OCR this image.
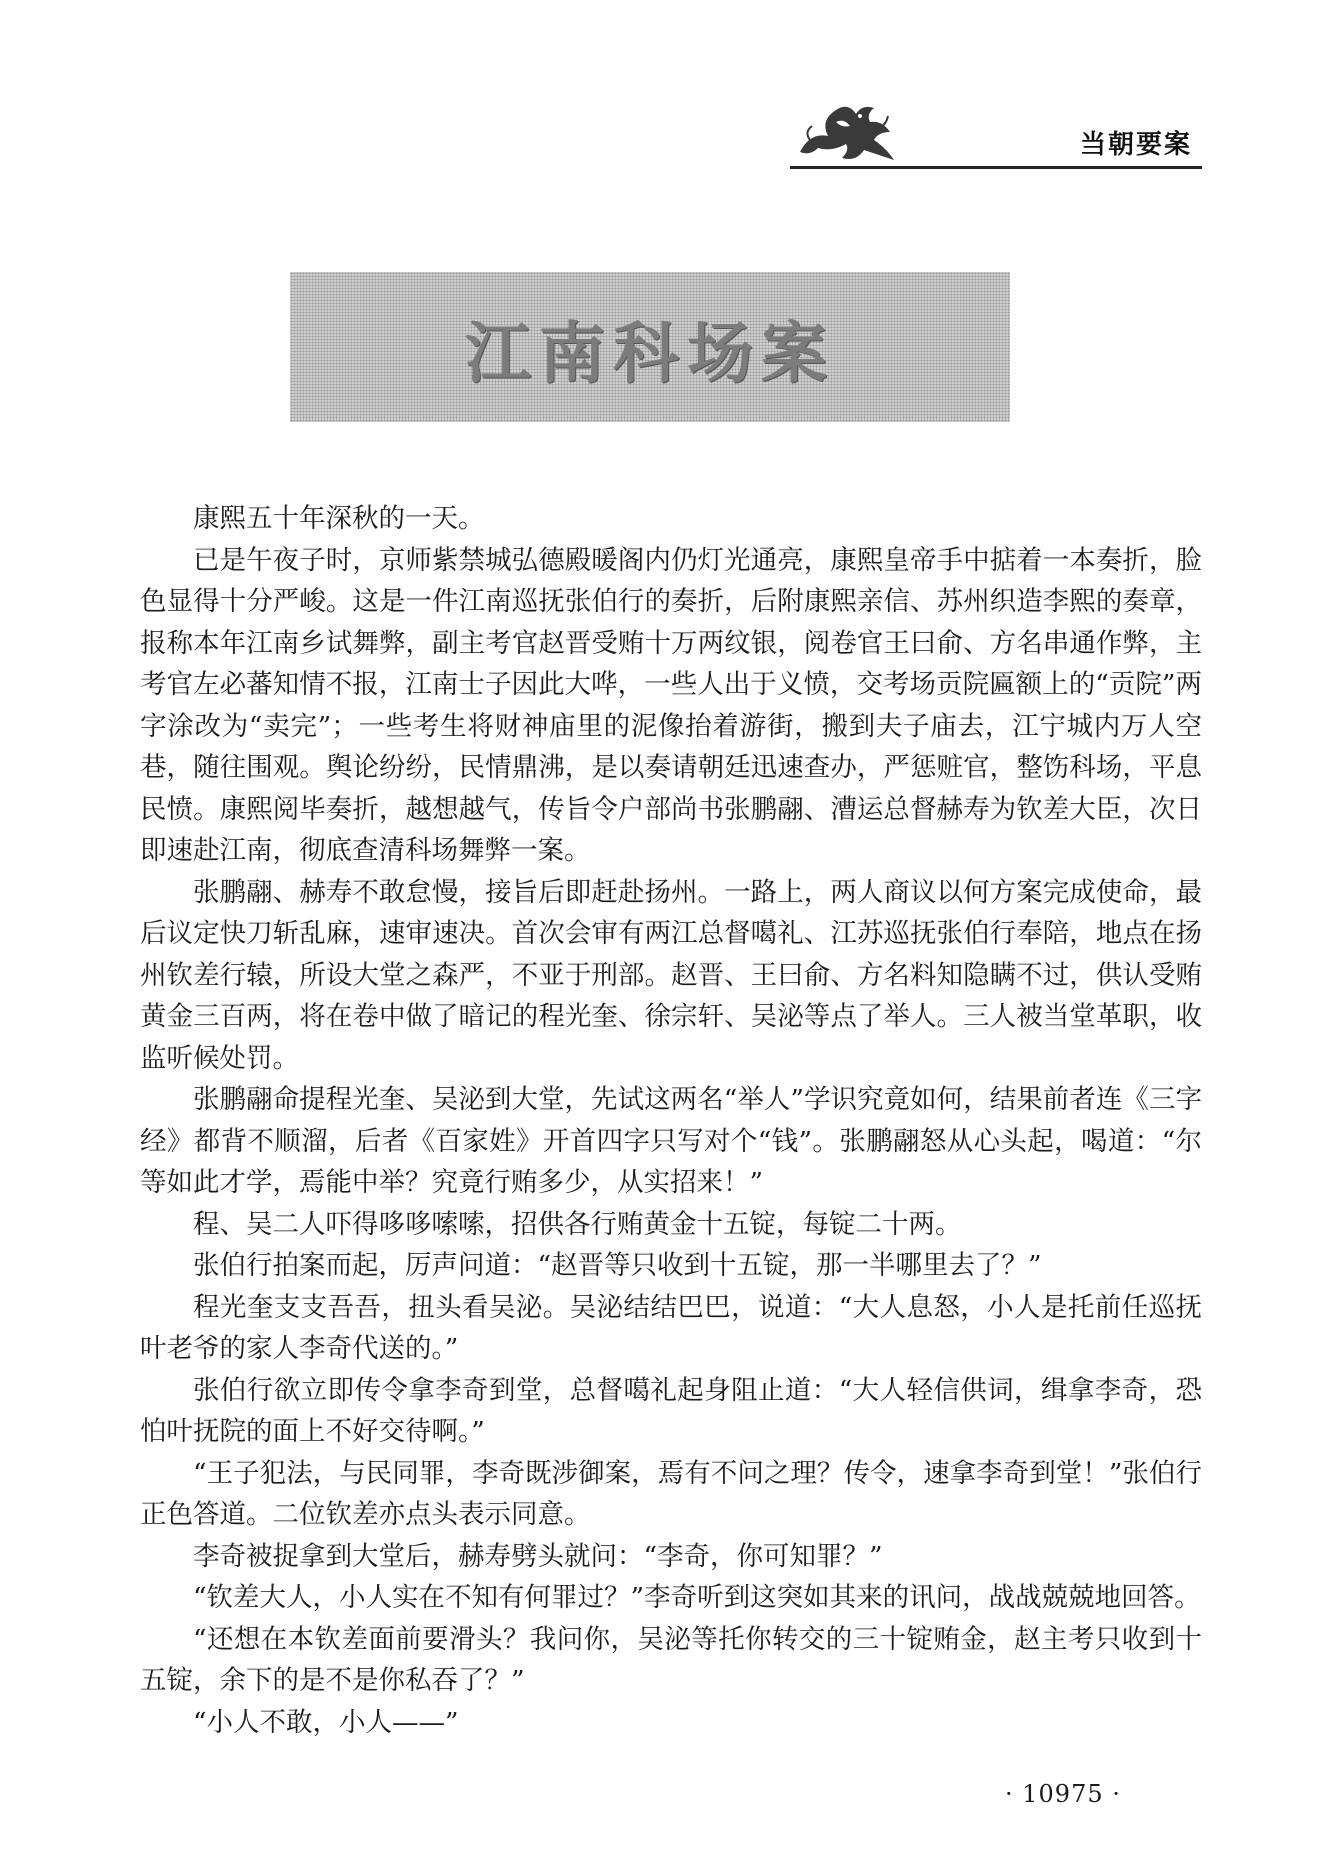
当朝要案
江南科场案

康熙五十年深秋的一天。

已是午夜子时，京师紫禁城弘德殿暖阁内仍灯光通亮，康熙皇帝手中掂着一本奏折，脸色显得十分严峻。这是一件江南巡抚张伯行的奏折，后附康熙亲信、苏州织造李熙的奏章，报称本年江南乡试舞弊，副主考官赵晋受贿十万两纹银，阅卷官王曰俞、方名串通作弊，主考官左必蕃知情不报，江南士子因此大哗，一些人出于义愤，交考场贡院匾额上的“贡院”两字涂改为“卖完”；一些考生将财神庙里的泥像抬着游街，搬到夫子庙去，江宁城内万人空巷，随往围观。舆论纷纷，民情鼎沸，是以奏请朝廷迅速查办，严惩赃官，整饬科场，平息民愤。康熙阅毕奏折，越想越气，传旨令户部尚书张鹏翮、漕运总督赫寿为钦差大臣，次日即速赴江南，彻底查清科场舞弊一案。

张鹏翮、赫寿不敢怠慢，接旨后即赶赴扬州。一路上，两人商议以何方案完成使命，最后议定快刀斩乱麻，速审速决。首次会审有两江总督噶礼、江苏巡抚张伯行奉陪，地点在扬州钦差行辕，所设大堂之森严，不亚于刑部。赵晋、王曰俞、方名料知隐瞒不过，供认受贿黄金三百两，将在卷中做了暗记的程光奎、徐宗轩、吴泌等点了举人。三人被当堂革职，收监听候处罚。

张鹏翮命提程光奎、吴泌到大堂，先试这两名“举人”学识究竟如何，结果前者连《三字经》都背不顺溜，后者《百家姓》开首四字只写对个“钱”。张鹏翮怒从心头起，喝道：“尔等如此才学，焉能中举？究竟行贿多少，从实招来！”

程、吴二人吓得哆哆嗦嗦，招供各行贿黄金十五锭，每锭二十两。

张伯行拍案而起，厉声问道：“赵晋等只收到十五锭，那一半哪里去了？”

程光奎支支吾吾，扭头看吴泌。吴泌结结巴巴，说道：“大人息怒，小人是托前任巡抚叶老爷的家人李奇代送的。”

张伯行欲立即传令拿李奇到堂，总督噶礼起身阻止道：“大人轻信供词，缉拿李奇，恐怕叶抚院的面上不好交待啊。”

“王子犯法，与民同罪，李奇既涉御案，焉有不问之理？传令，速拿李奇到堂！”张伯行正色答道。二位钦差亦点头表示同意。

李奇被捉拿到大堂后，赫寿劈头就问：“李奇，你可知罪？”

“钦差大人，小人实在不知有何罪过？”李奇听到这突如其来的讯问，战战兢兢地回答。

“还想在本钦差面前要滑头？我问你，吴泌等托你转交的三十锭贿金，赵主考只收到十五锭，余下的是不是你私吞了？”

“小人不敢，小人——”

· 10975 ·
